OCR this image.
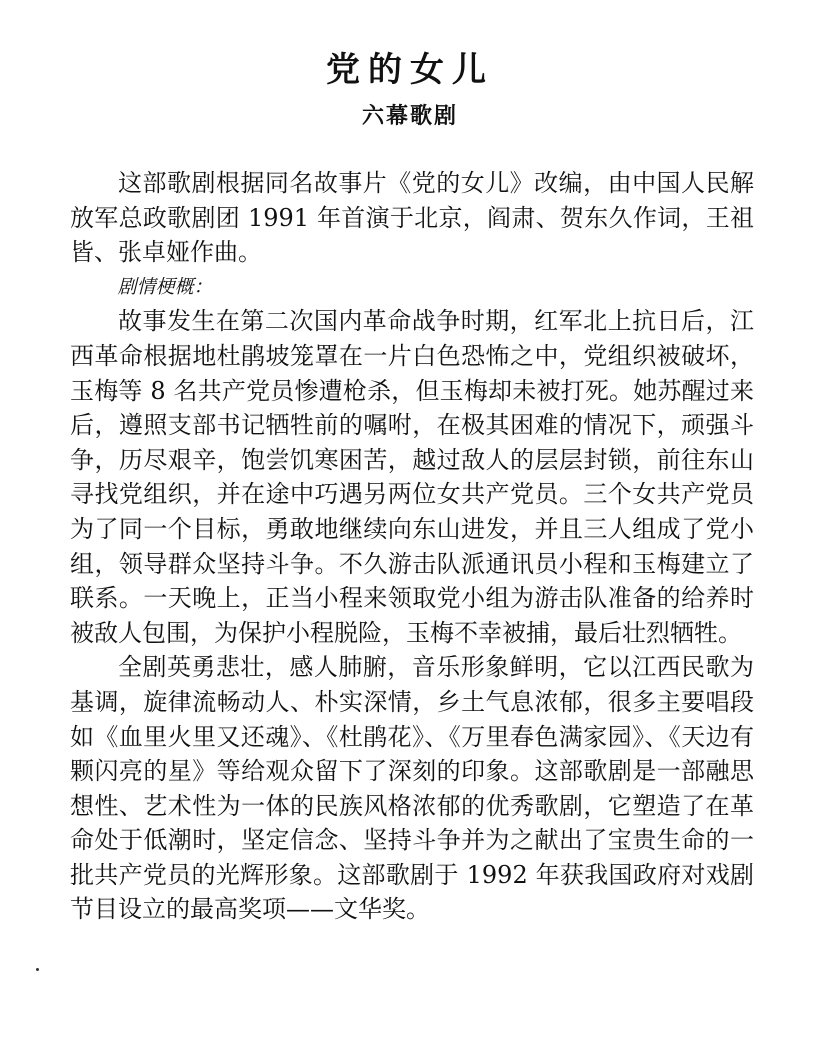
党的女儿
六幕歌剧

这部歌剧根据同名故事片《党的女儿》改编，由中国人民解放军总政歌剧团 1991 年首演于北京，阎肃、贺东久作词，王祖皆、张卓娅作曲。

剧情梗概：

故事发生在第二次国内革命战争时期，红军北上抗日后，江西革命根据地杜鹃坡笼罩在一片白色恐怖之中，党组织被破坏，玉梅等 8 名共产党员惨遭枪杀，但玉梅却未被打死。她苏醒过来后，遵照支部书记牺牲前的嘱咐，在极其困难的情况下，顽强斗争，历尽艰辛，饱尝饥寒困苦，越过敌人的层层封锁，前往东山寻找党组织，并在途中巧遇另两位女共产党员。三个女共产党员为了同一个目标，勇敢地继续向东山进发，并且三人组成了党小组，领导群众坚持斗争。不久游击队派通讯员小程和玉梅建立了联系。一天晚上，正当小程来领取党小组为游击队准备的给养时被敌人包围，为保护小程脱险，玉梅不幸被捕，最后壮烈牺牲。

全剧英勇悲壮，感人肺腑，音乐形象鲜明，它以江西民歌为基调，旋律流畅动人、朴实深情，乡土气息浓郁，很多主要唱段如《血里火里又还魂》、《杜鹃花》、《万里春色满家园》、《天边有颗闪亮的星》等给观众留下了深刻的印象。这部歌剧是一部融思想性、艺术性为一体的民族风格浓郁的优秀歌剧，它塑造了在革命处于低潮时，坚定信念、坚持斗争并为之献出了宝贵生命的一批共产党员的光辉形象。这部歌剧于 1992 年获我国政府对戏剧节目设立的最高奖项——文华奖。
